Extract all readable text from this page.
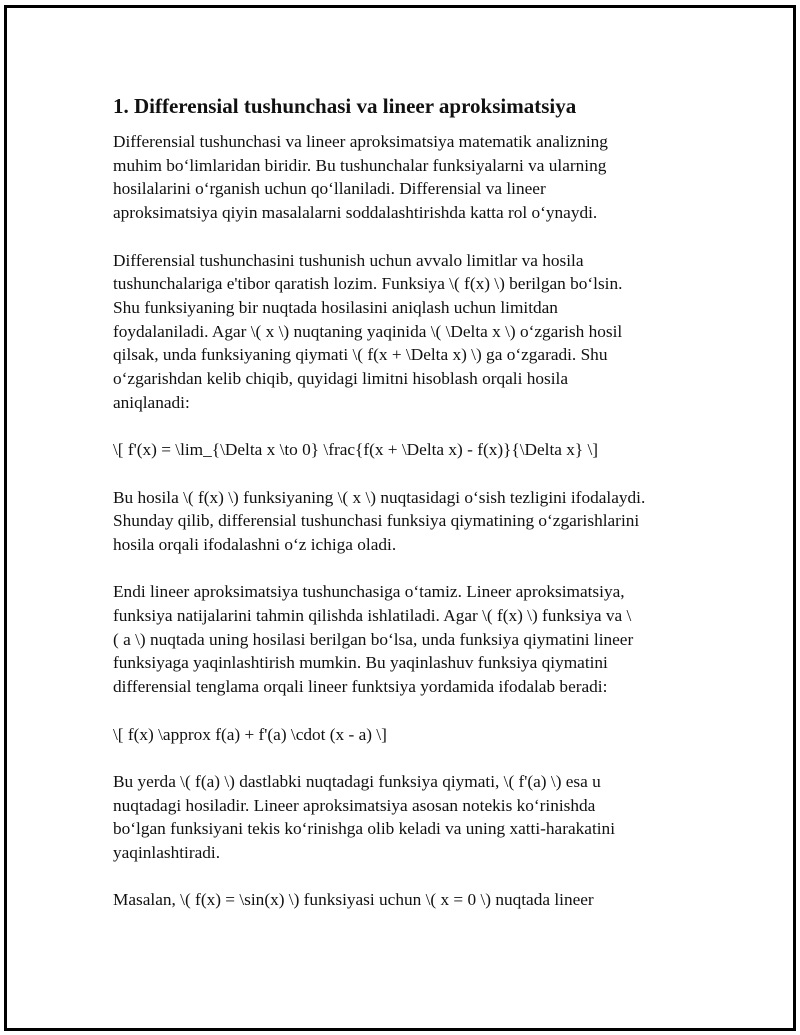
1. Differensial tushunchasi va lineer aproksimatsiya
Differensial tushunchasi va lineer aproksimatsiya matematik analizning
muhim bo‘limlaridan biridir. Bu tushunchalar funksiyalarni va ularning
hosilalarini o‘rganish uchun qo‘llaniladi. Differensial va lineer
aproksimatsiya qiyin masalalarni soddalashtirishda katta rol o‘ynaydi.
Differensial tushunchasini tushunish uchun avvalo limitlar va hosila
tushunchalariga e'tibor qaratish lozim. Funksiya \( f(x) \) berilgan bo‘lsin.
Shu funksiyaning bir nuqtada hosilasini aniqlash uchun limitdan
foydalaniladi. Agar \( x \) nuqtaning yaqinida \( \Delta x \) o‘zgarish hosil
qilsak, unda funksiyaning qiymati \( f(x + \Delta x) \) ga o‘zgaradi. Shu
o‘zgarishdan kelib chiqib, quyidagi limitni hisoblash orqali hosila
aniqlanadi:
\[ f'(x) = \lim_{\Delta x \to 0} \frac{f(x + \Delta x) - f(x)}{\Delta x} \]
Bu hosila \( f(x) \) funksiyaning \( x \) nuqtasidagi o‘sish tezligini ifodalaydi.
Shunday qilib, differensial tushunchasi funksiya qiymatining o‘zgarishlarini
hosila orqali ifodalashni o‘z ichiga oladi.
Endi lineer aproksimatsiya tushunchasiga o‘tamiz. Lineer aproksimatsiya,
funksiya natijalarini tahmin qilishda ishlatiladi. Agar \( f(x) \) funksiya va \
( a \) nuqtada uning hosilasi berilgan bo‘lsa, unda funksiya qiymatini lineer
funksiyaga yaqinlashtirish mumkin. Bu yaqinlashuv funksiya qiymatini
differensial tenglama orqali lineer funktsiya yordamida ifodalab beradi:
\[ f(x) \approx f(a) + f'(a) \cdot (x - a) \]
Bu yerda \( f(a) \) dastlabki nuqtadagi funksiya qiymati, \( f'(a) \) esa u
nuqtadagi hosiladir. Lineer aproksimatsiya asosan notekis ko‘rinishda
bo‘lgan funksiyani tekis ko‘rinishga olib keladi va uning xatti-harakatini
yaqinlashtiradi.
Masalan, \( f(x) = \sin(x) \) funksiyasi uchun \( x = 0 \) nuqtada lineer
